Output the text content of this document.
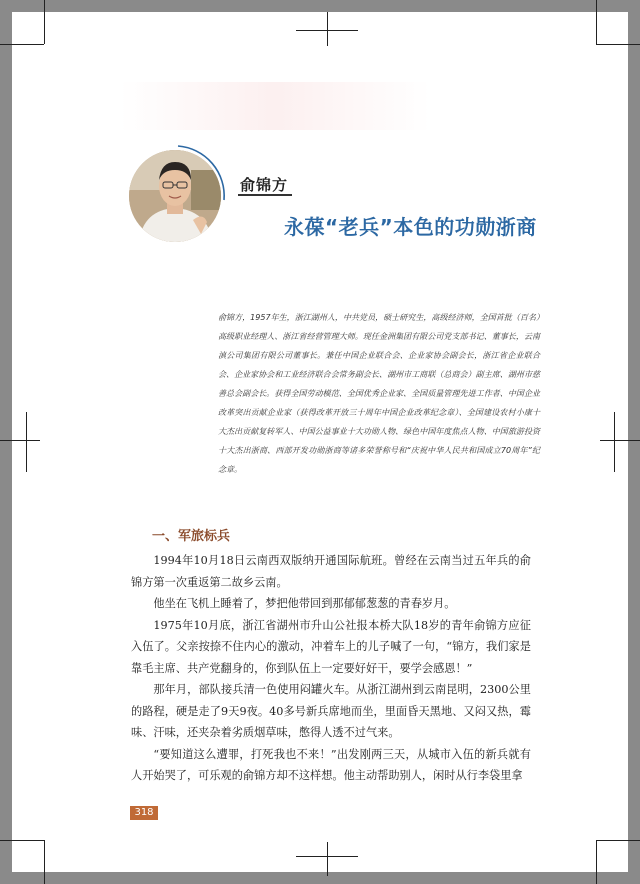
俞锦方
永葆“老兵”本色的功勋浙商
俞锦方，1957年生，浙江湖州人，中共党员，硕士研究生，高级经济师，全国首批（百名）高级职业经理人、浙江省经营管理大师。现任金洲集团有限公司党支部书记、董事长，云南滇公司集团有限公司董事长。兼任中国企业联合会、企业家协会副会长，浙江省企业联合会、企业家协会和工业经济联合会常务副会长、湖州市工商联（总商会）副主席、湖州市慈善总会副会长。获得全国劳动模范、全国优秀企业家、全国质量管理先进工作者、中国企业改革突出贡献企业家（获得改革开放三十周年中国企业改革纪念章）、全国建设农村小康十大杰出贡献复转军人、中国公益事业十大功勋人物、绿色中国年度焦点人物、中国旅游投资十大杰出浙商、西部开发功勋浙商等诸多荣誉称号和“庆祝中华人民共和国成立70周年”纪念章。
一、军旅标兵

1994年10月18日云南西双版纳开通国际航班。曾经在云南当过五年兵的俞锦方第一次重返第二故乡云南。

他坐在飞机上睡着了，梦把他带回到那郁郁葱葱的青春岁月。

1975年10月底，浙江省湖州市升山公社报本桥大队18岁的青年俞锦方应征入伍了。父亲按捺不住内心的激动，冲着车上的儿子喊了一句，“锦方，我们家是靠毛主席、共产党翻身的，你到队伍上一定要好好干，要学会感恩！”

那年月，部队接兵清一色使用闷罐火车。从浙江湖州到云南昆明，2300公里的路程，硬是走了9天9夜。40多号新兵席地而坐，里面昏天黑地、又闷又热，霉味、汗味，还夹杂着劣质烟草味，憋得人透不过气来。

“要知道这么遭罪，打死我也不来！”出发刚两三天，从城市入伍的新兵就有人开始哭了，可乐观的俞锦方却不这样想。他主动帮助别人，闲时从行李袋里拿

318
